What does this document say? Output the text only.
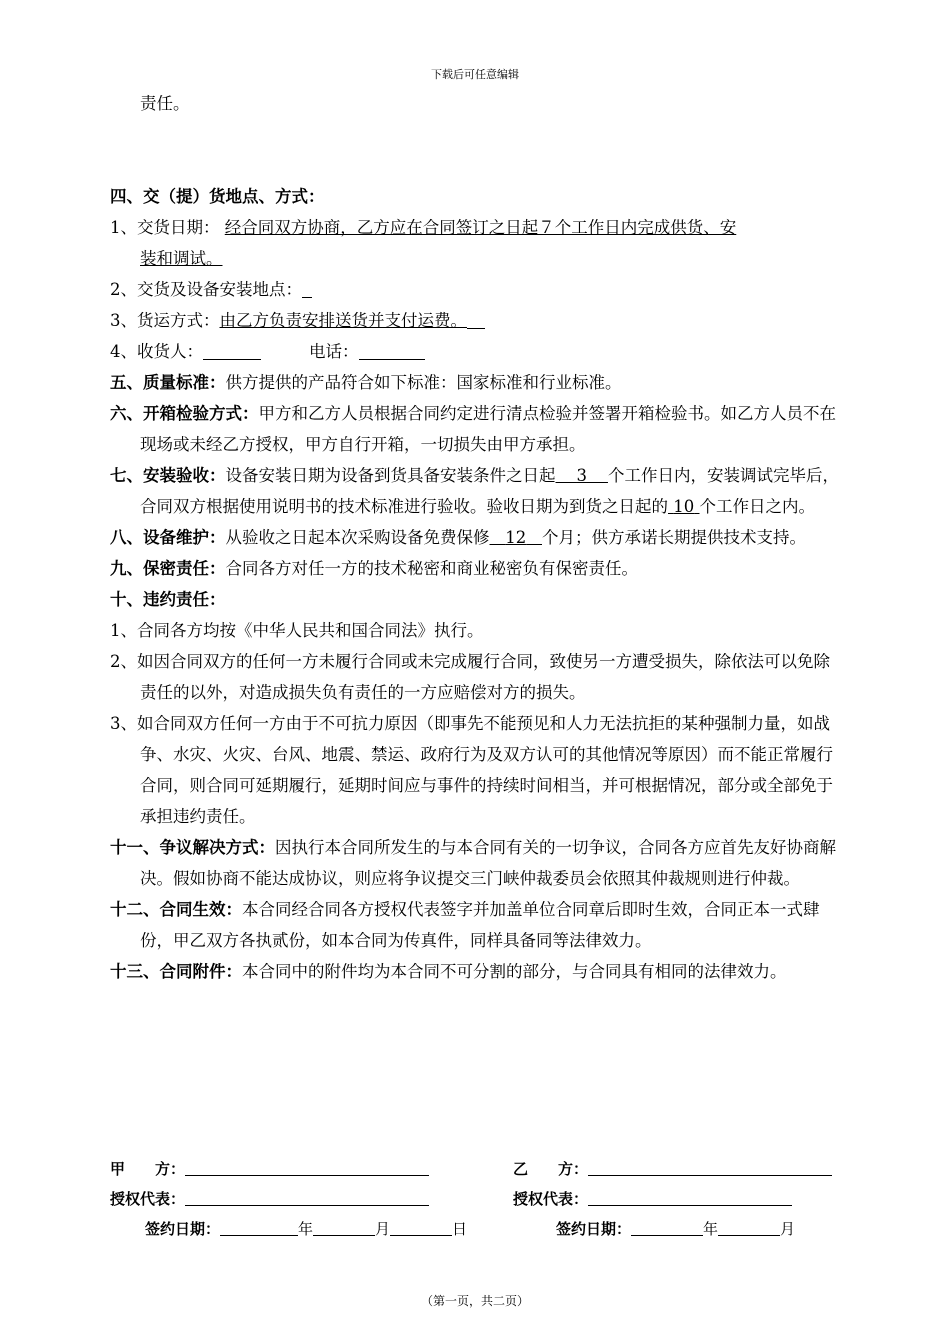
下载后可任意编辑

责任。

四、交（提）货地点、方式：

1、交货日期： 经合同双方协商，乙方应在合同签订之日起７个工作日内完成供货、安
装和调试。

2、交货及设备安装地点：

3、货运方式：由乙方负责安排送货并支付运费。

4、收货人：	电话：

五、质量标准：供方提供的产品符合如下标准：国家标准和行业标准。

六、开箱检验方式：甲方和乙方人员根据合同约定进行清点检验并签署开箱检验书。如乙方人员不在现场或未经乙方授权，甲方自行开箱，一切损失由甲方承担。

七、安装验收：设备安装日期为设备到货具备安装条件之日起 3 个工作日内，安装调试完毕后，合同双方根据使用说明书的技术标准进行验收。验收日期为到货之日起的 10 个工作日之内。

八、设备维护：从验收之日起本次采购设备免费保修 12 个月；供方承诺长期提供技术支持。

九、保密责任：合同各方对任一方的技术秘密和商业秘密负有保密责任。

十、违约责任：

1、合同各方均按《中华人民共和国合同法》执行。

2、如因合同双方的任何一方未履行合同或未完成履行合同，致使另一方遭受损失，除依法可以免除责任的以外，对造成损失负有责任的一方应赔偿对方的损失。

3、如合同双方任何一方由于不可抗力原因（即事先不能预见和人力无法抗拒的某种强制力量，如战争、水灾、火灾、台风、地震、禁运、政府行为及双方认可的其他情况等原因）而不能正常履行合同，则合同可延期履行，延期时间应与事件的持续时间相当，并可根据情况，部分或全部免于承担违约责任。

十一、争议解决方式：因执行本合同所发生的与本合同有关的一切争议，合同各方应首先友好协商解决。假如协商不能达成协议，则应将争议提交三门峡仲裁委员会依照其仲裁规则进行仲裁。

十二、合同生效：本合同经合同各方授权代表签字并加盖单位合同章后即时生效，合同正本一式肆份，甲乙双方各执贰份，如本合同为传真件，同样具备同等法律效力。

十三、合同附件：本合同中的附件均为本合同不可分割的部分，与合同具有相同的法律效力。

甲　　方：	乙　　方：
授权代表：	授权代表：
签约日期：	年	月	日	签约日期：	年	月
（第一页，共二页）
